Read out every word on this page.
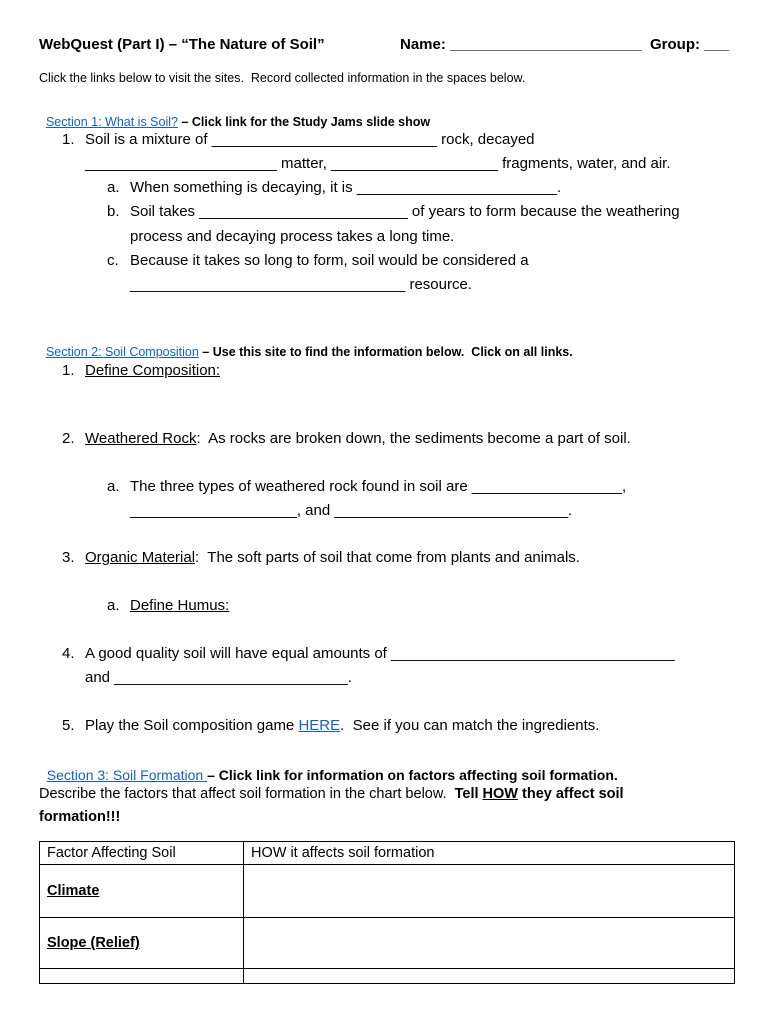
WebQuest (Part I) – “The Nature of Soil”	Name: _______________________ Group: ___
Click the links below to visit the sites.  Record collected information in the spaces below.

Section 1: What is Soil? – Click link for the Study Jams slide show

1. Soil is a mixture of ___________________________ rock, decayed
_______________________ matter, ____________________ fragments, water, and air.
a. When something is decaying, it is ________________________.
b. Soil takes _________________________ of years to form because the weathering
process and decaying process takes a long time.
c. Because it takes so long to form, soil would be considered a
_________________________________ resource.

Section 2: Soil Composition – Use this site to find the information below.  Click on all links.

1. Define Composition:
2. Weathered Rock:  As rocks are broken down, the sediments become a part of soil.
a. The three types of weathered rock found in soil are __________________,
____________________, and ____________________________.
3. Organic Material:  The soft parts of soil that come from plants and animals.
a. Define Humus:
4. A good quality soil will have equal amounts of __________________________________
and ____________________________.
5. Play the Soil composition game HERE.  See if you can match the ingredients.

Section 3: Soil Formation – Click link for information on factors affecting soil formation.

Describe the factors that affect soil formation in the chart below.  Tell HOW they affect soil
formation!!!
Factor Affecting Soil	HOW it affects soil formation
Climate	
Slope (Relief)	
